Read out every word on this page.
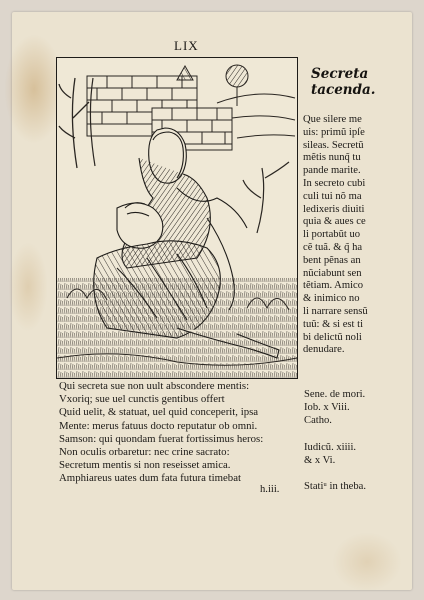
LIX
Secreta
tacenda.
Que silere me
uis: primũ ipſe
sileas. Secretũ
mẽtis nunq̃ tu
pande marite.
In secreto cubi
culi tui nõ ma
ledixeris diuiti
quia & aues ce
li portabũt uo
cẽ tuã. & q̃ ha
bent pẽnas an
nũciabunt sen
tẽtiam. Amico
& inimico no
li narrare sensũ
tuũ: & si est ti
bi delictũ noli
denudare.
Qui secreta sue non uult abscondere mentis:
Vxoriq; sue uel cunctis gentibus offert
Quid uelit, & statuat, uel quid conceperit, ipsa
Mente: merus fatuus docto reputatur ob omni.
Samson: qui quondam fuerat fortissimus heros:
Non oculis orbaretur: nec crine sacrato:
Secretum mentis si non reseisset amica.
Amphiareus uates dum fata futura timebat
Sene. de mori.
Iob. x Viii.
Catho.
Iudicũ. xiiii.
& x Vi.
Statiᵘ in theba.
h.iii.
